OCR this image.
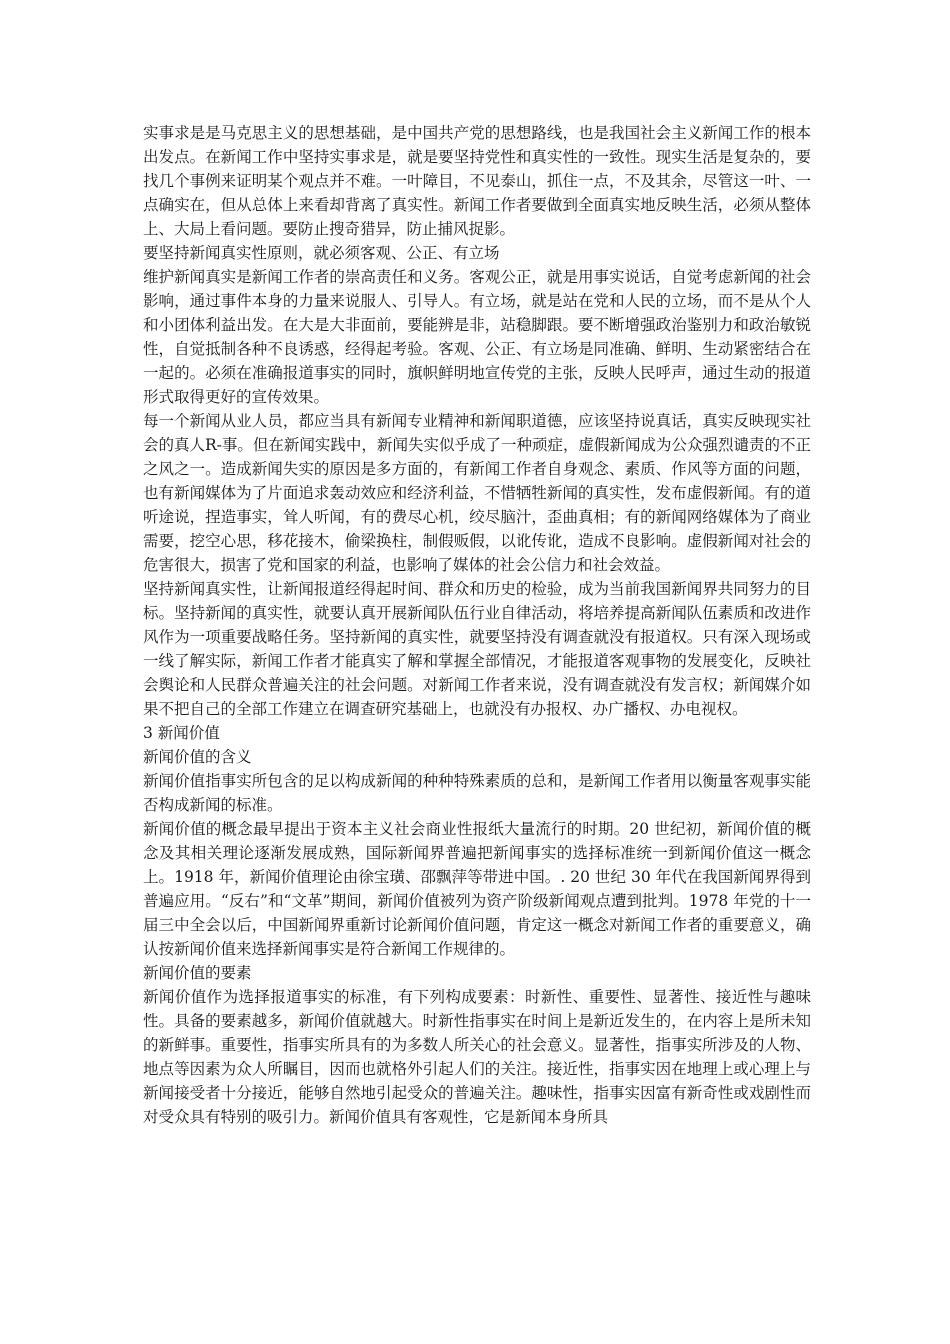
实事求是是马克思主义的思想基础，是中国共产党的思想路线，也是我国社会主义新闻工作的根本出发点。在新闻工作中坚持实事求是，就是要坚持党性和真实性的一致性。现实生活是复杂的，要找几个事例来证明某个观点并不难。一叶障目，不见泰山，抓住一点，不及其余，尽管这一叶、一点确实在，但从总体上来看却背离了真实性。新闻工作者要做到全面真实地反映生活，必须从整体上、大局上看问题。要防止搜奇猎异，防止捕风捉影。

要坚持新闻真实性原则，就必须客观、公正、有立场

维护新闻真实是新闻工作者的崇高责任和义务。客观公正，就是用事实说话，自觉考虑新闻的社会影响，通过事件本身的力量来说服人、引导人。有立场，就是站在党和人民的立场，而不是从个人和小团体利益出发。在大是大非面前，要能辨是非，站稳脚跟。要不断增强政治鉴别力和政治敏锐性，自觉抵制各种不良诱惑，经得起考验。客观、公正、有立场是同准确、鲜明、生动紧密结合在一起的。必须在准确报道事实的同时，旗帜鲜明地宣传党的主张，反映人民呼声，通过生动的报道形式取得更好的宣传效果。

每一个新闻从业人员，都应当具有新闻专业精神和新闻职道德，应该坚持说真话，真实反映现实社会的真人R-事。但在新闻实践中，新闻失实似乎成了一种顽症，虚假新闻成为公众强烈谴责的不正之风之一。造成新闻失实的原因是多方面的，有新闻工作者自身观念、素质、作风等方面的问题，也有新闻媒体为了片面追求轰动效应和经济利益，不惜牺牲新闻的真实性，发布虚假新闻。有的道听途说，捏造事实，耸人听闻，有的费尽心机，绞尽脑汁，歪曲真相；有的新闻网络媒体为了商业需要，挖空心思，移花接木，偷梁换柱，制假贩假，以讹传讹，造成不良影响。虚假新闻对社会的危害很大，损害了党和国家的利益，也影响了媒体的社会公信力和社会效益。

坚持新闻真实性，让新闻报道经得起时间、群众和历史的检验，成为当前我国新闻界共同努力的目标。坚持新闻的真实性，就要认真开展新闻队伍行业自律活动，将培养提高新闻队伍素质和改进作风作为一项重要战略任务。坚持新闻的真实性，就要坚持没有调查就没有报道权。只有深入现场或一线了解实际，新闻工作者才能真实了解和掌握全部情况，才能报道客观事物的发展变化，反映社会舆论和人民群众普遍关注的社会问题。对新闻工作者来说，没有调查就没有发言权；新闻媒介如果不把自己的全部工作建立在调查研究基础上，也就没有办报权、办广播权、办电视权。

3 新闻价值

新闻价值的含义

新闻价值指事实所包含的足以构成新闻的种种特殊素质的总和，是新闻工作者用以衡量客观事实能否构成新闻的标准。

新闻价值的概念最早提出于资本主义社会商业性报纸大量流行的时期。20 世纪初，新闻价值的概念及其相关理论逐渐发展成熟，国际新闻界普遍把新闻事实的选择标准统一到新闻价值这一概念上。1918 年，新闻价值理论由徐宝璜、邵飘萍等带进中国。. 20 世纪 30 年代在我国新闻界得到普遍应用。“反右”和“文革”期间，新闻价值被列为资产阶级新闻观点遭到批判。1978 年党的十一届三中全会以后，中国新闻界重新讨论新闻价值问题，肯定这一概念对新闻工作者的重要意义，确认按新闻价值来选择新闻事实是符合新闻工作规律的。

新闻价值的要素

新闻价值作为选择报道事实的标准，有下列构成要素：时新性、重要性、显著性、接近性与趣味性。具备的要素越多，新闻价值就越大。时新性指事实在时间上是新近发生的，在内容上是所未知的新鲜事。重要性，指事实所具有的为多数人所关心的社会意义。显著性，指事实所涉及的人物、地点等因素为众人所瞩目，因而也就格外引起人们的关注。接近性，指事实因在地理上或心理上与新闻接受者十分接近，能够自然地引起受众的普遍关注。趣味性，指事实因富有新奇性或戏剧性而对受众具有特别的吸引力。新闻价值具有客观性，它是新闻本身所具
